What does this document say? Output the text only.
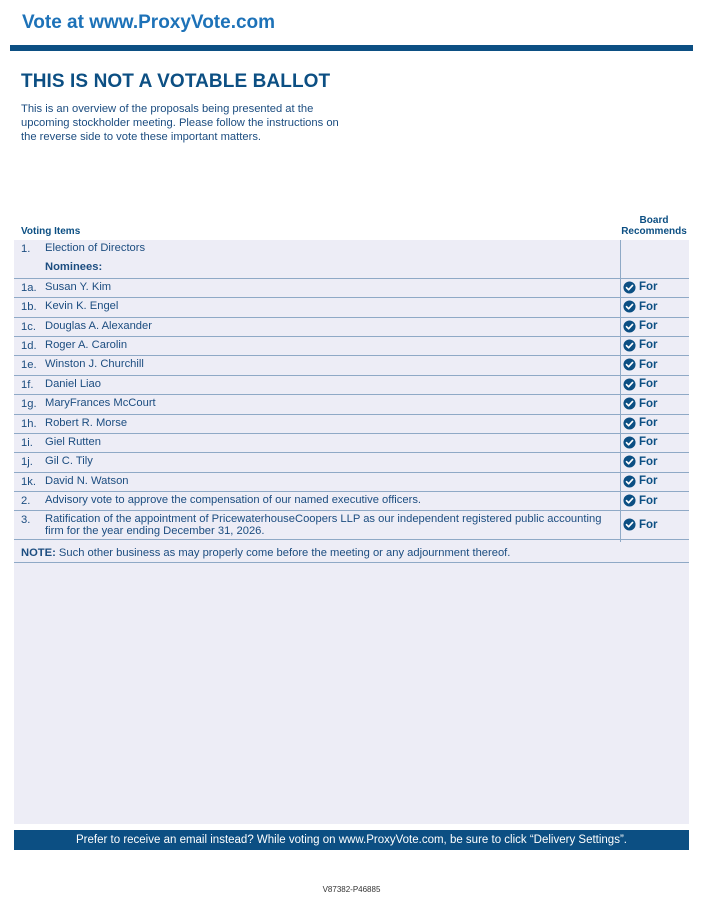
Vote at www.ProxyVote.com
THIS IS NOT A VOTABLE BALLOT
This is an overview of the proposals being presented at the upcoming stockholder meeting. Please follow the instructions on the reverse side to vote these important matters.
Voting Items
Board
Recommends
1. Election of Directors
Nominees:
1a. Susan Y. Kim	For
1b. Kevin K. Engel	For
1c. Douglas A. Alexander	For
1d. Roger A. Carolin	For
1e. Winston J. Churchill	For
1f. Daniel Liao	For
1g. MaryFrances McCourt	For
1h. Robert R. Morse	For
1i. Giel Rutten	For
1j. Gil C. Tily	For
1k. David N. Watson	For
2. Advisory vote to approve the compensation of our named executive officers.	For
3. Ratification of the appointment of PricewaterhouseCoopers LLP as our independent registered public accounting firm for the year ending December 31, 2026.	For
NOTE: Such other business as may properly come before the meeting or any adjournment thereof.
Prefer to receive an email instead? While voting on www.ProxyVote.com, be sure to click “Delivery Settings”.
V87382-P46885
